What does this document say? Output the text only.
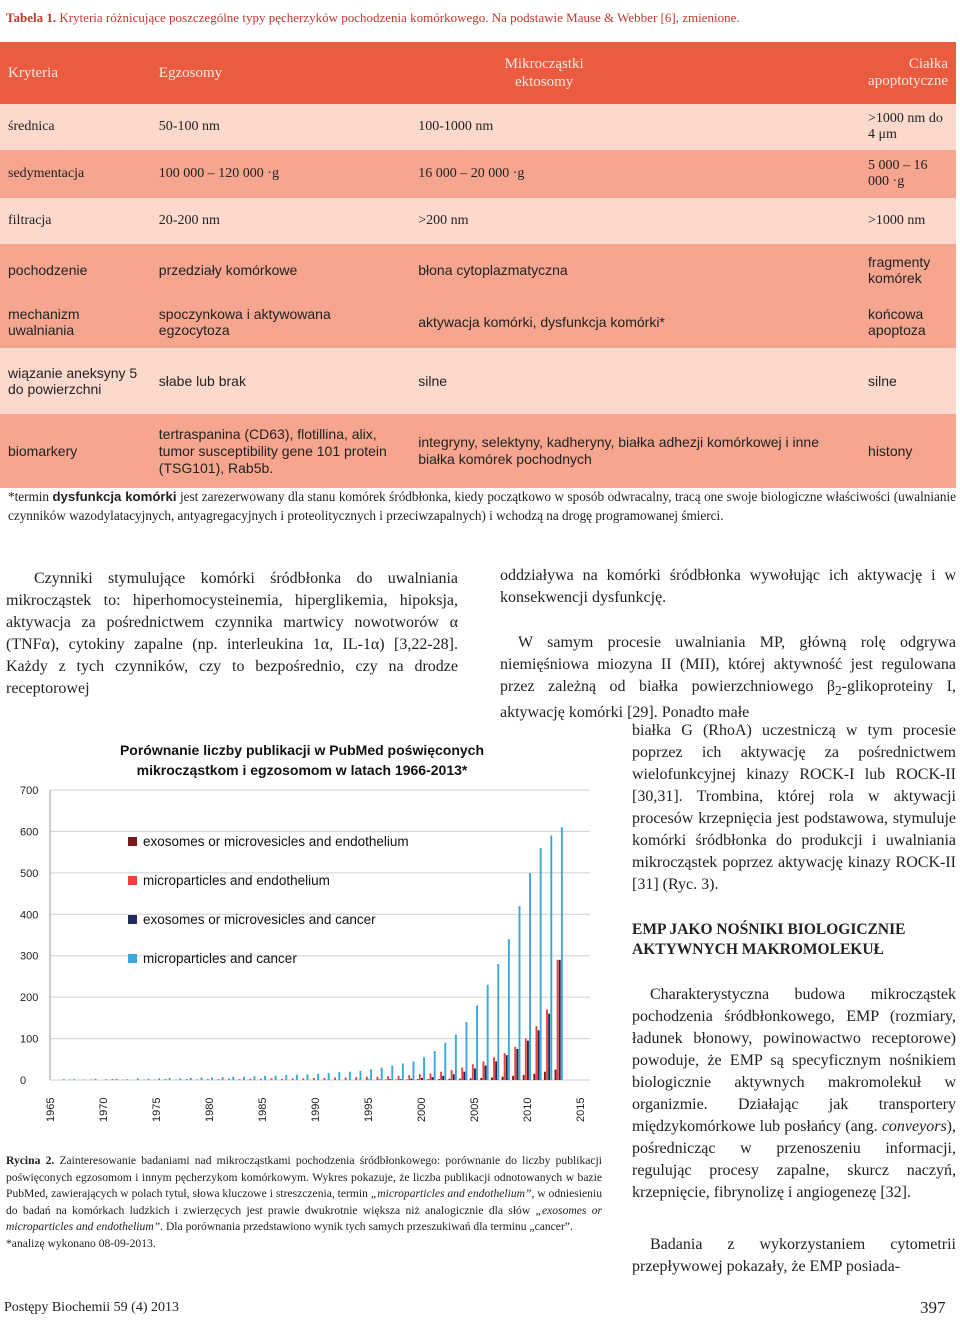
Tabela 1. Kryteria różnicujące poszczególne typy pęcherzyków pochodzenia komórkowego. Na podstawie Mause & Webber [6], zmienione.
Kryteria	Egzosomy	Mikrocząstki ektosomy	Ciałka apoptotyczne
średnica	50-100 nm	100-1000 nm	>1000 nm do 4 μm
sedymentacja	100 000 – 120 000 ·g	16 000 – 20 000 ·g	5 000 – 16 000 ·g
filtracja	20-200 nm	>200 nm	>1000 nm
pochodzenie	przedziały komórkowe	błona cytoplazmatyczna	fragmenty komórek
mechanizm uwalniania	spoczynkowa i aktywowana egzocytoza	aktywacja komórki, dysfunkcja komórki*	końcowa apoptoza
wiązanie aneksyny 5 do powierzchni	słabe lub brak	silne	silne
biomarkery	tertraspanina (CD63), flotillina, alix, tumor susceptibility gene 101 protein (TSG101), Rab5b.	integryny, selektyny, kadheryny, białka adhezji komórkowej i inne białka komórek pochodnych	histony
*termin dysfunkcja komórki jest zarezerwowany dla stanu komórek śródbłonka, kiedy początkowo w sposób odwracalny, tracą one swoje biologiczne właściwości (uwalnianie czynników wazodylatacyjnych, antyagregacyjnych i proteolitycznych i przeciwzapalnych) i wchodzą na drogę programowanej śmierci.
Czynniki stymulujące komórki śródbłonka do uwalniania mikrocząstek to: hiperhomocysteinemia, hiperglikemia, hipoksja, aktywacja za pośrednictwem czynnika martwicy nowotworów α (TNFα), cytokiny zapalne (np. interleukina 1α, IL-1α) [3,22-28]. Każdy z tych czynników, czy to bezpośrednio, czy na drodze receptorowej
oddziaływa na komórki śródbłonka wywołując ich aktywację i w konsekwencji dysfunkcję.
W samym procesie uwalniania MP, główną rolę odgrywa niemięśniowa miozyna II (MII), której aktywność jest regulowana przez zależną od białka powierzchniowego $\beta_2$-glikoproteiny I, aktywację komórki [29]. Ponadto małe
białka G (RhoA) uczestniczą w tym procesie poprzez ich aktywację za pośrednictwem wielofunkcyjnej kinazy ROCK-I lub ROCK-II [30,31]. Trombina, której rola w aktywacji procesów krzepnięcia jest podstawowa, stymuluje komórki śródbłonka do produkcji i uwalniania mikrocząstek poprzez aktywację kinazy ROCK-II [31] (Ryc. 3).
EMP JAKO NOŚNIKI BIOLOGICZNIE AKTYWNYCH MAKROMOLEKUŁ
Charakterystyczna budowa mikrocząstek pochodzenia śródbłonkowego, EMP (rozmiary, ładunek błonowy, powinowactwo receptorowe) powoduje, że EMP są specyficznym nośnikiem biologicznie aktywnych makromolekuł w organizmie. Działając jak transportery międzykomórkowe lub posłańcy (ang. conveyors), pośrednicząc w przenoszeniu informacji, regulując procesy zapalne, skurcz naczyń, krzepnięcie, fibrynolizę i angiogenezę [32].
Badania z wykorzystaniem cytometrii przepływowej pokazały, że EMP posiada-
Porównanie liczby publikacji w PubMed poświęconych
mikrocząstkom i egzosomom w latach 1966-2013*
0
100
200
300
400
500
600
700
1965	1970	1975	1980	1985	1990	1995	2000	2005	2010	2015
exosomes or microvesicles and endothelium
microparticles and endothelium
exosomes or microvesicles and cancer
microparticles and cancer
Rycina 2. Zainteresowanie badaniami nad mikrocząstkami pochodzenia śródbłonkowego: porównanie do liczby publikacji poświęconych egzosomom i innym pęcherzykom komórkowym. Wykres pokazuje, że liczba publikacji odnotowanych w bazie PubMed, zawierających w polach tytuł, słowa kluczowe i streszczenia, termin „microparticles and endothelium”, w odniesieniu do badań na komórkach ludzkich i zwierzęcych jest prawie dwukrotnie większa niż analogicznie dla słów „exosomes or microparticles and endothelium”. Dla porównania przedstawiono wynik tych samych przeszukiwań dla terminu „cancer”.
*analizę wykonano 08-09-2013.
Postępy Biochemii 59 (4) 2013	397
